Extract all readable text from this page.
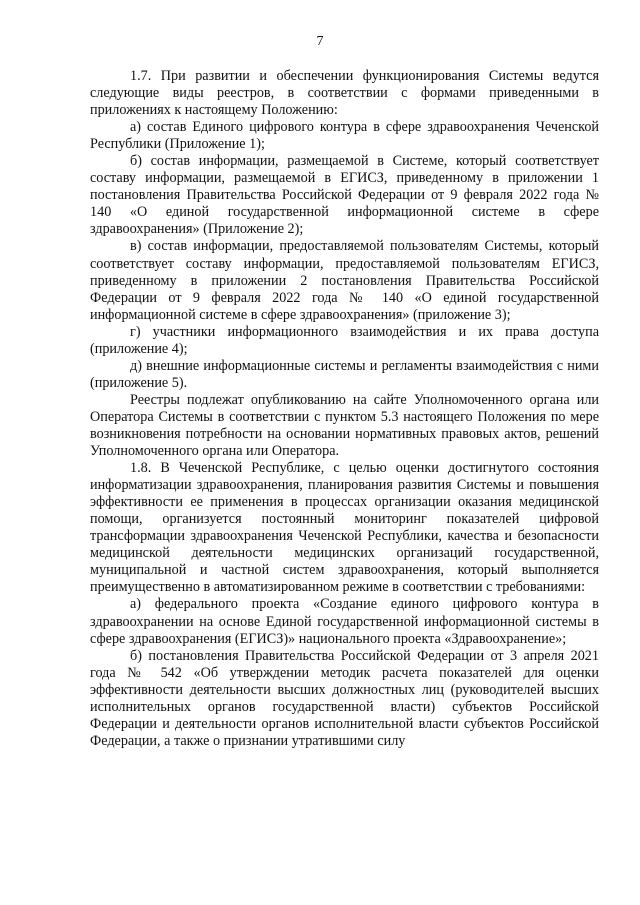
7

1.7. При развитии и обеспечении функционирования Системы ведутся следующие виды реестров, в соответствии с формами приведенными в приложениях к настоящему Положению:

а) состав Единого цифрового контура в сфере здравоохранения Чеченской Республики (Приложение 1);

б) состав информации, размещаемой в Системе, который соответствует составу информации, размещаемой в ЕГИСЗ, приведенному в приложении 1 постановления Правительства Российской Федерации от 9 февраля 2022 года № 140 «О единой государственной информационной системе в сфере здравоохранения» (Приложение 2);

в) состав информации, предоставляемой пользователям Системы, который соответствует составу информации, предоставляемой пользователям ЕГИСЗ, приведенному в приложении 2 постановления Правительства Российской Федерации от 9 февраля 2022 года № 140 «О единой государственной информационной системе в сфере здравоохранения» (приложение 3);

г) участники информационного взаимодействия и их права доступа (приложение 4);

д) внешние информационные системы и регламенты взаимодействия с ними (приложение 5).

Реестры подлежат опубликованию на сайте Уполномоченного органа или Оператора Системы в соответствии с пунктом 5.3 настоящего Положения по мере возникновения потребности на основании нормативных правовых актов, решений Уполномоченного органа или Оператора.

1.8. В Чеченской Республике, с целью оценки достигнутого состояния информатизации здравоохранения, планирования развития Системы и повышения эффективности ее применения в процессах организации оказания медицинской помощи, организуется постоянный мониторинг показателей цифровой трансформации здравоохранения Чеченской Республики, качества и безопасности медицинской деятельности медицинских организаций государственной, муниципальной и частной систем здравоохранения, который выполняется преимущественно в автоматизированном режиме в соответствии с требованиями:

а) федерального проекта «Создание единого цифрового контура в здравоохранении на основе Единой государственной информационной системы в сфере здравоохранения (ЕГИСЗ)» национального проекта «Здравоохранение»;

б) постановления Правительства Российской Федерации от 3 апреля 2021 года № 542 «Об утверждении методик расчета показателей для оценки эффективности деятельности высших должностных лиц (руководителей высших исполнительных органов государственной власти) субъектов Российской Федерации и деятельности органов исполнительной власти субъектов Российской Федерации, а также о признании утратившими силу
